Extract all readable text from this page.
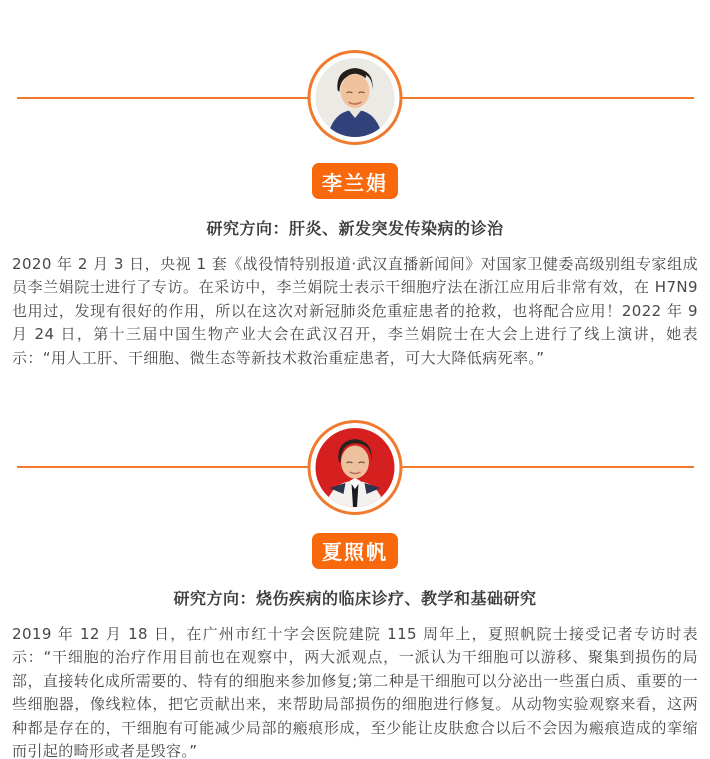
李兰娟
研究方向：肝炎、新发突发传染病的诊治

2020 年 2 月 3 日，央视 1 套《战役情特别报道·武汉直播新闻间》对国家卫健委高级别组专家组成员李兰娟院士进行了专访。在采访中，李兰娟院士表示干细胞疗法在浙江应用后非常有效，在 H7N9 也用过，发现有很好的作用，所以在这次对新冠肺炎危重症患者的抢救，也将配合应用！2022 年 9 月 24 日，第十三届中国生物产业大会在武汉召开，李兰娟院士在大会上进行了线上演讲，她表示：“用人工肝、干细胞、微生态等新技术救治重症患者，可大大降低病死率。”

夏照帆
研究方向：烧伤疾病的临床诊疗、教学和基础研究

2019 年 12 月 18 日，在广州市红十字会医院建院 115 周年上，夏照帆院士接受记者专访时表示：“干细胞的治疗作用目前也在观察中，两大派观点，一派认为干细胞可以游移、聚集到损伤的局部，直接转化成所需要的、特有的细胞来参加修复;第二种是干细胞可以分泌出一些蛋白质、重要的一些细胞器，像线粒体，把它贡献出来，来帮助局部损伤的细胞进行修复。从动物实验观察来看，这两种都是存在的，干细胞有可能减少局部的瘢痕形成，至少能让皮肤愈合以后不会因为瘢痕造成的挛缩而引起的畸形或者是毁容。”
